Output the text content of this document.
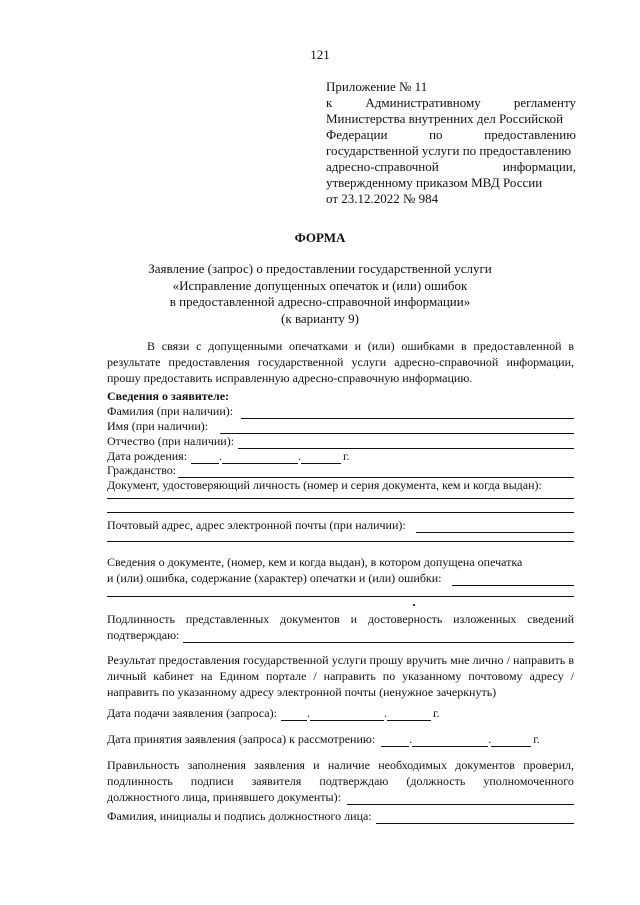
121
Приложение № 11
к	Административному	регламенту
Министерства внутренних дел Российской
Федерации	по	предоставлению
государственной услуги по предоставлению
адресно-справочной	информации,
утвержденному приказом МВД России
от 23.12.2022 № 984
ФОРМА
Заявление (запрос) о предоставлении государственной услуги
«Исправление допущенных опечаток и (или) ошибок
в предоставленной адресно-справочной информации»
(к варианту 9)
В связи с допущенными опечатками и (или) ошибками в предоставленной в результате предоставления государственной услуги адресно-справочной информации, прошу предоставить исправленную адресно-справочную информацию.
Сведения о заявителе:
Фамилия (при наличии):
Имя (при наличии):
Отчество (при наличии):
Дата рождения:	.	.	г.
Гражданство:
Документ, удостоверяющий личность (номер и серия документа, кем и когда выдан):
Почтовый адрес, адрес электронной почты (при наличии):
Сведения о документе, (номер, кем и когда выдан), в котором допущена опечатка
и (или) ошибка, содержание (характер) опечатки и (или) ошибки:
Подлинность представленных документов и достоверность изложенных сведений
подтверждаю:
Результат предоставления государственной услуги прошу вручить мне лично / направить в личный кабинет на Едином портале / направить по указанному почтовому адресу / направить по указанному адресу электронной почты (ненужное зачеркнуть)
Дата подачи заявления (запроса):	.	.	г.
Дата принятия заявления (запроса) к рассмотрению:	.	.	г.
Правильность заполнения заявления и наличие необходимых документов проверил,
подлинность подписи заявителя подтверждаю (должность уполномоченного
должностного лица, принявшего документы):
Фамилия, инициалы и подпись должностного лица:
